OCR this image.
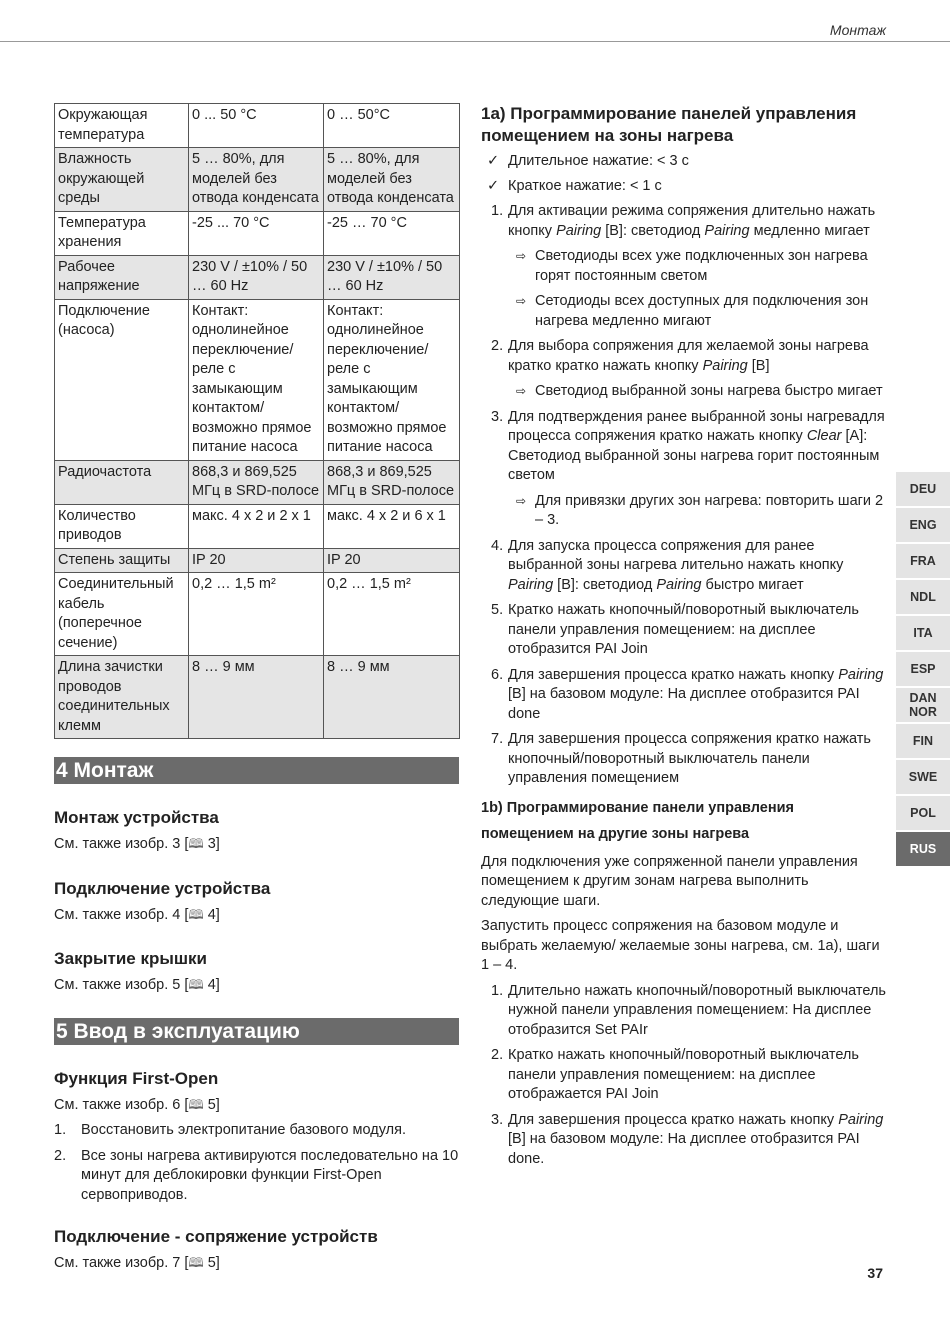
Монтаж
Окружающая температура	0 ... 50 °C	0 … 50°C
Влажность окружающей среды	5 … 80%, для моделей без отвода конденсата	5 … 80%, для моделей без отвода конденсата
Температура хранения	-25 ... 70 °C	-25 … 70 °C
Рабочее напряжение	230 V / ±10% / 50 … 60 Hz	230 V / ±10% / 50 … 60 Hz
Подключение (насоса)	Контакт: однолинейное переключение/реле с замыкающим контактом/возможно прямое питание насоса	Контакт: однолинейное переключение/реле с замыкающим контактом/возможно прямое питание насоса
Радиочастота	868,3 и 869,525 МГц в SRD-полосе	868,3 и 869,525 МГц в SRD-полосе
Количество приводов	макс. 4 x 2 и 2 x 1	макс. 4 x 2 и 6 x 1
Степень защиты	IP 20	IP 20
Соединительный кабель (поперечное сечение)	0,2 … 1,5 m²	0,2 … 1,5 m²
Длина зачистки проводов соединительных клемм	8 … 9 мм	8 … 9 мм
4 Монтаж
Монтаж устройства

См. также изобр. 3 [🕮 3]

Подключение устройства

См. также изобр. 4 [🕮 4]

Закрытие крышки

См. также изобр. 5 [🕮 4]

5 Ввод в эксплуатацию
Функция First-Open

См. также изобр. 6 [🕮 5]

1. Восстановить электропитание базового модуля.
2. Все зоны нагрева активируются последовательно на 10 минут для деблокировки функции First-Open сервоприводов.
Подключение - сопряжение устройств

См. также изобр. 7 [🕮 5]

1a) Программирование панелей управления помещением на зоны нагрева
✓ Длительное нажатие: < 3 с
✓ Краткое нажатие: < 1 с
1. Для активации режима сопряжения длительно нажать кнопку Pairing [B]: светодиод Pairing медленно мигает
⇨ Светодиоды всех уже подключенных зон нагрева горят постоянным светом
⇨ Сетодиоды всех доступных для подключения зон нагрева медленно мигают
2. Для выбора сопряжения для желаемой зоны нагрева кратко кратко нажать кнопку Pairing [B]
⇨ Светодиод выбранной зоны нагрева быстро мигает
3. Для подтверждения ранее выбранной зоны нагревадля процесса сопряжения кратко нажать кнопку Clear [A]: Светодиод выбранной зоны нагрева горит постоянным светом
⇨ Для привязки других зон нагрева: повторить шаги 2 – 3.
4. Для запуска процесса сопряжения для ранее выбранной зоны нагрева лительно нажать кнопку Pairing [B]: светодиод Pairing быстро мигает
5. Кратко нажать кнопочный/поворотный выключатель панели управления помещением: на дисплее отобразится PAI Join
6. Для завершения процесса кратко нажать кнопку Pairing [B] на базовом модуле: На дисплее отобразится PAI done
7. Для завершения процесса сопряжения кратко нажать кнопочный/поворотный выключатель панели управления помещением
1b) Программирование панели управления помещением на другие зоны нагрева

Для подключения уже сопряженной панели управления помещением к другим зонам нагрева выполнить следующие шаги.

Запустить процесс сопряжения на базовом модуле и выбрать желаемую/ желаемые зоны нагрева, см. 1a), шаги 1 – 4.

1. Длительно нажать кнопочный/поворотный выключатель нужной панели управления помещением: На дисплее отобразится Set PAIr
2. Кратко нажать кнопочный/поворотный выключатель панели управления помещением: на дисплее отображается PAI Join
3. Для завершения процесса кратко нажать кнопку Pairing [B] на базовом модуле: На дисплее отобразится PAI done.
DEU
ENG
FRA
NDL
ITA
ESP
DAN
NOR
FIN
SWE
POL
RUS
37
